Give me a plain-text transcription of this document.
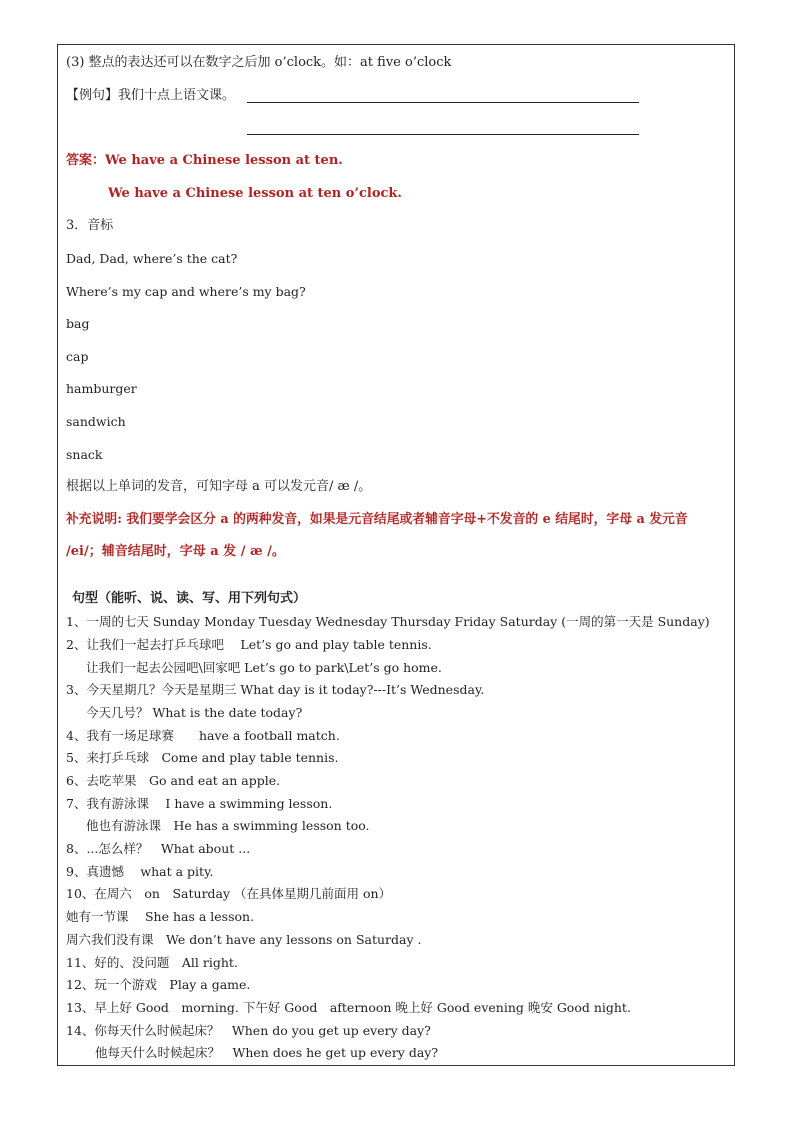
(3) 整点的表达还可以在数字之后加 o’clock。如：at five o’clock
【例句】我们十点上语文课。
答案：We have a Chinese lesson at ten.
We have a Chinese lesson at ten o’clock.
3．音标
Dad, Dad, where’s the cat?
Where’s my cap and where’s my bag?
bag
cap
hamburger
sandwich
snack
根据以上单词的发音，可知字母 a 可以发元音/ æ /。
补充说明: 我们要学会区分 a 的两种发音，如果是元音结尾或者辅音字母+不发音的 e 结尾时，字母 a 发元音
/ei/；辅音结尾时，字母 a 发 / æ /。
句型（能听、说、读、写、用下列句式）
1、一周的七天 Sunday Monday Tuesday Wednesday Thursday Friday Saturday (一周的第一天是 Sunday)
2、让我们一起去打乒乓球吧　 Let’s go and play table tennis.
让我们一起去公园吧\回家吧 Let’s go to park\Let’s go home.
3、今天星期几？今天是星期三 What day is it today?---It’s Wednesday.
今天几号？ What is the date today?
4、我有一场足球赛　　have a football match.
5、来打乒乓球　Come and play table tennis.
6、去吃苹果　Go and eat an apple.
7、我有游泳课　 I have a swimming lesson.
他也有游泳课　He has a swimming lesson too.
8、...怎么样？　What about ...
9、真遗憾　 what a pity.
10、在周六　on　Saturday （在具体星期几前面用 on）
她有一节课　 She has a lesson.
周六我们没有课　We don’t have any lessons on Saturday .
11、好的、没问题　All right.
12、玩一个游戏　Play a game.
13、早上好 Good　morning. 下午好 Good　afternoon 晚上好 Good evening 晚安 Good night.
14、你每天什么时候起床？　When do you get up every day?
他每天什么时候起床？　When does he get up every day?
